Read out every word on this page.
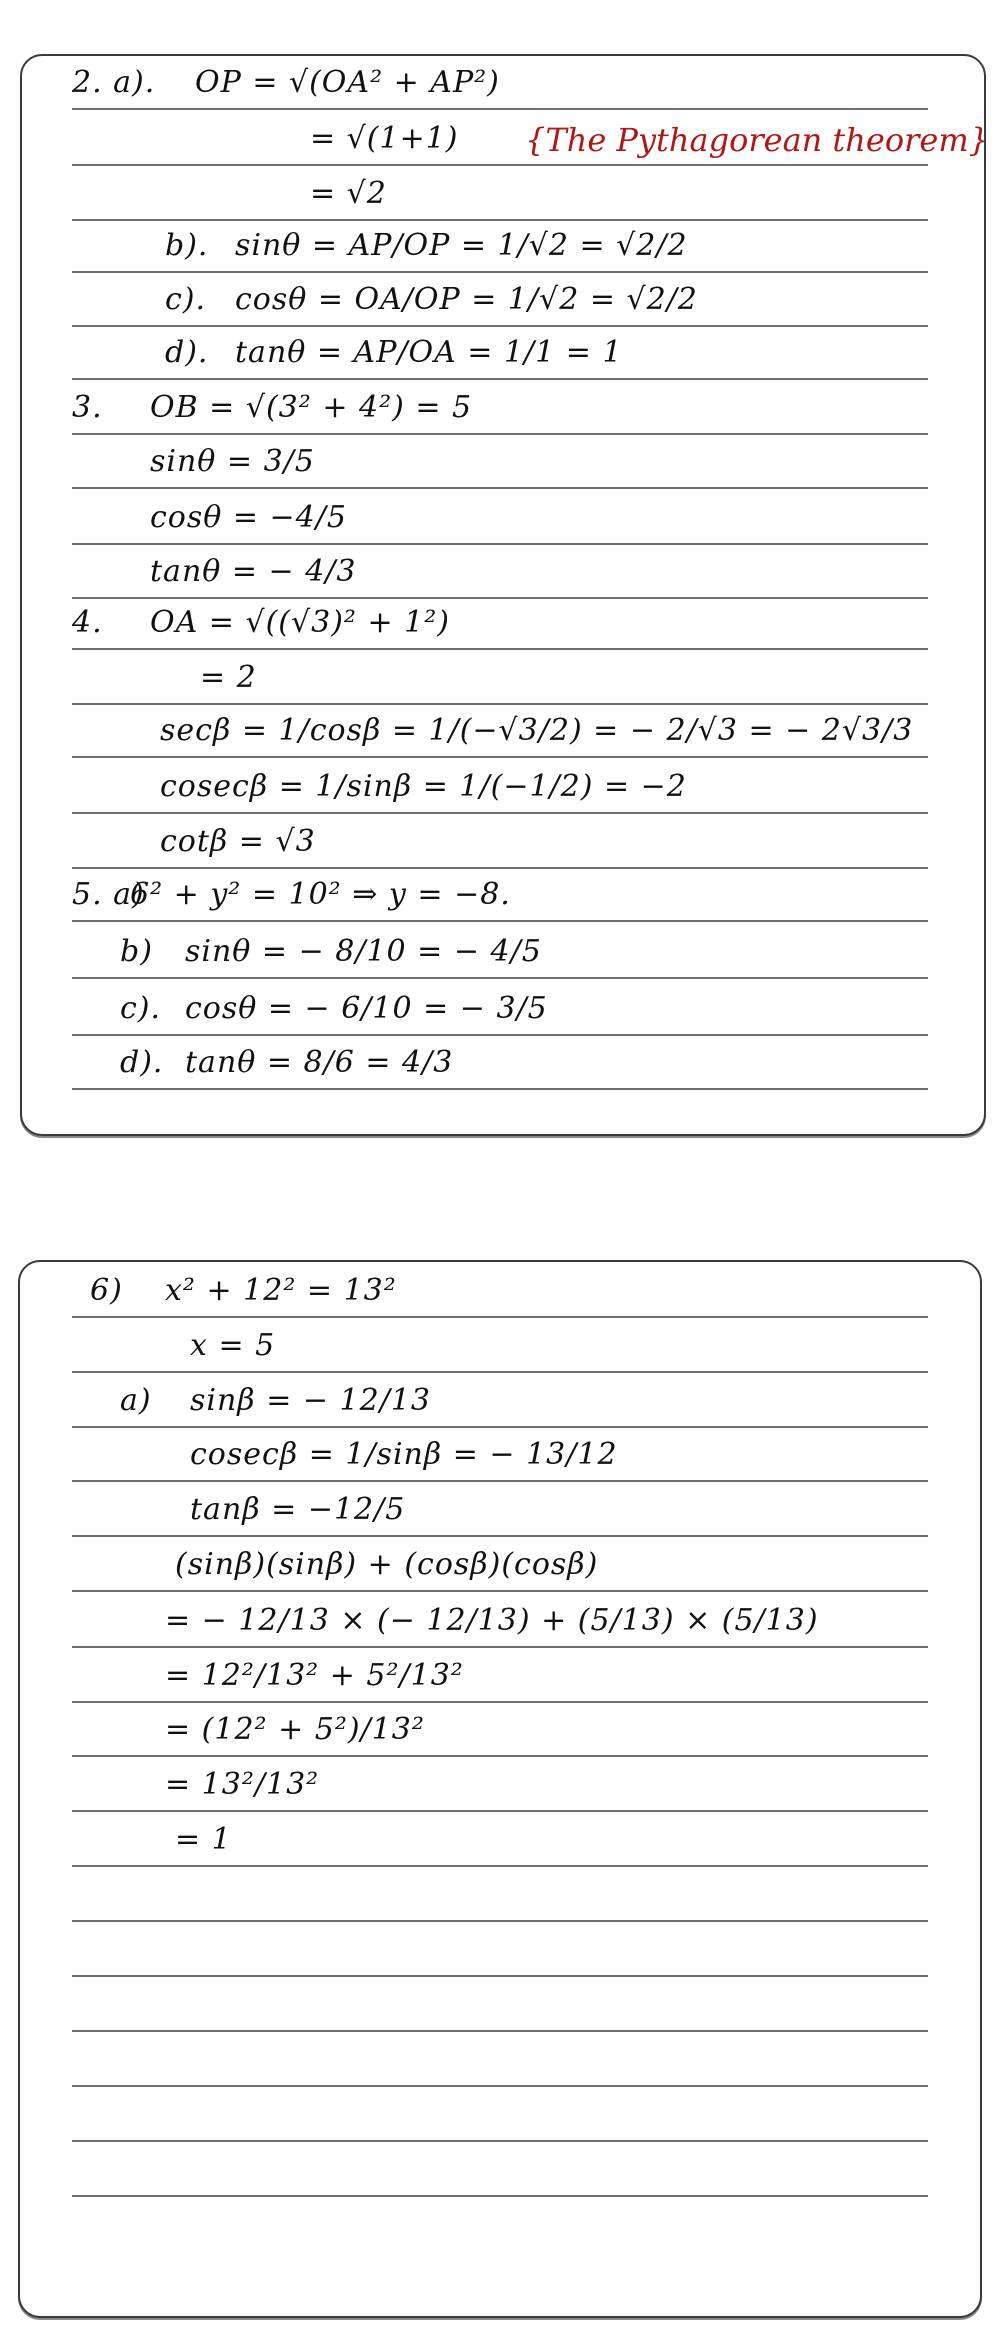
2. a). OP = √(OA² + AP²)
= √(1+1) {The Pythagorean theorem}
= √2
b). sinθ = AP/OP = 1/√2 = √2/2
c). cosθ = OA/OP = 1/√2 = √2/2
d). tanθ = AP/OA = 1/1 = 1
3. OB = √(3² + 4²) = 5
sinθ = 3/5
cosθ = −4/5
tanθ = − 4/3
4. OA = √((√3)² + 1²)
= 2
secβ = 1/cosβ = 1/(−√3/2) = − 2/√3 = − 2√3/3
cosecβ = 1/sinβ = 1/(−1/2) = −2
cotβ = √3
5. a)
6² + y² = 10² ⇒ y = −8.
b) sinθ = − 8/10 = − 4/5
c). cosθ = − 6/10 = − 3/5
d). tanθ = 8/6 = 4/3
6) x² + 12² = 13²
x = 5
a) sinβ = − 12/13
cosecβ = 1/sinβ = − 13/12
tanβ = −12/5
(sinβ)(sinβ) + (cosβ)(cosβ)
= − 12/13 × (− 12/13) + (5/13) × (5/13)
= 12²/13² + 5²/13²
= (12² + 5²)/13²
= 13²/13²
= 1
